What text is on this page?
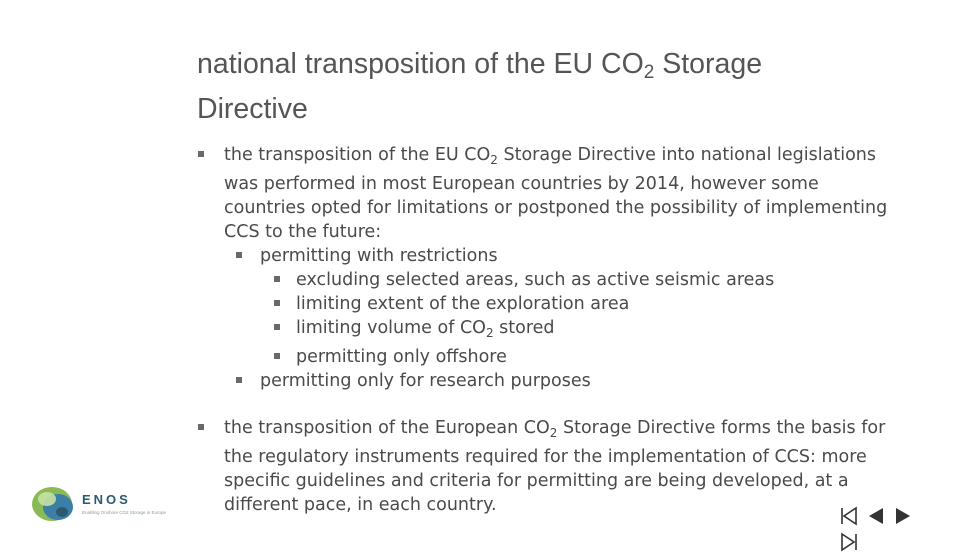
national transposition of the EU $CO_2$ Storage Directive
the transposition of the EU $CO_2$ Storage Directive into national legislations was performed in most European countries by 2014, however some countries opted for limitations or postponed the possibility of implementing CCS to the future:
permitting with restrictions
excluding selected areas, such as active seismic areas
limiting extent of the exploration area
limiting volume of $CO_2$ stored
permitting only offshore
permitting only for research purposes
the transposition of the European $CO_2$ Storage Directive forms the basis for the regulatory instruments required for the implementation of CCS: more specific guidelines and criteria for permitting are being developed, at a different pace, in each country.
ENOS
Enabling Onshore CO2 Storage in Europe
